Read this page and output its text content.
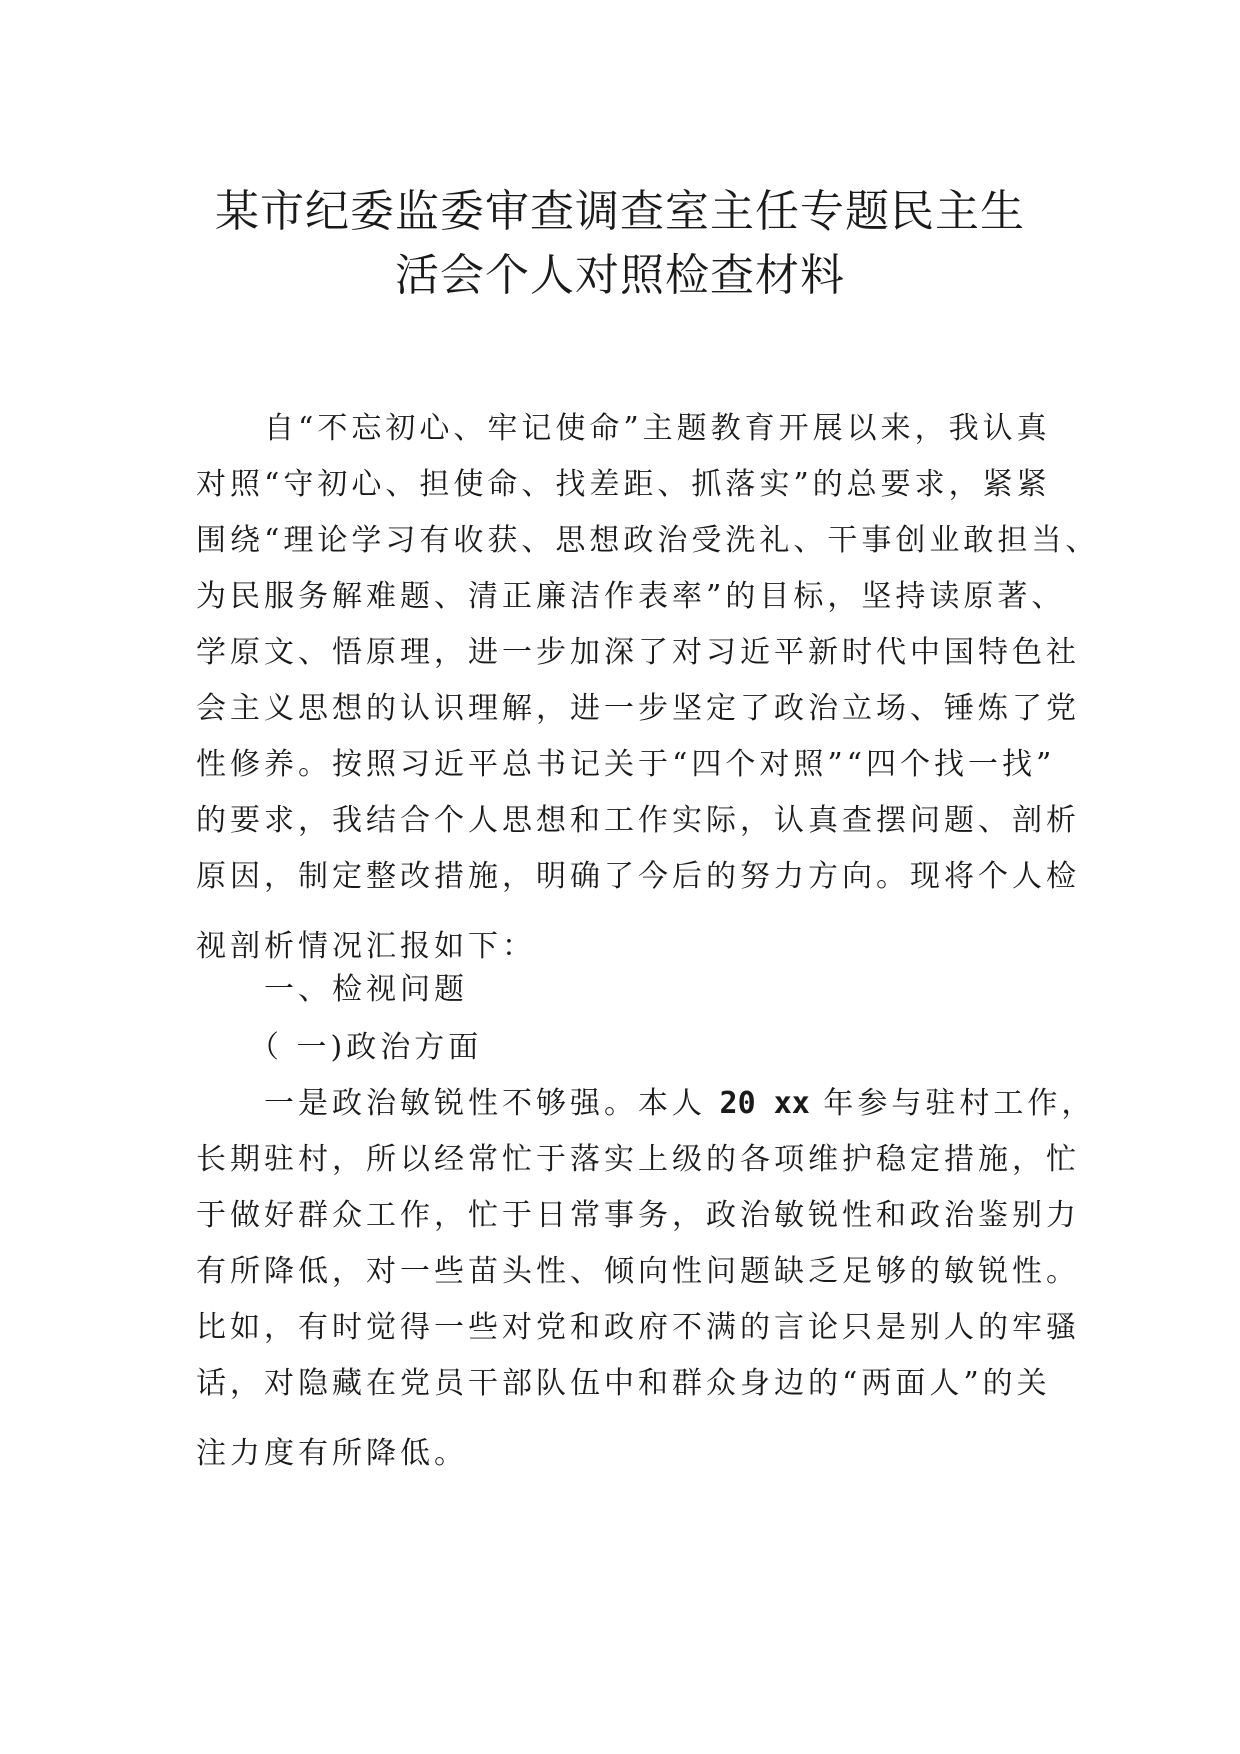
某市纪委监委审查调查室主任专题民主生
活会个人对照检查材料
　　自“不忘初心、牢记使命”主题教育开展以来，我认真
对照“守初心、担使命、找差距、抓落实”的总要求，紧紧
围绕“理论学习有收获、思想政治受洗礼、干事创业敢担当、
为民服务解难题、清正廉洁作表率”的目标，坚持读原著、
学原文、悟原理，进一步加深了对习近平新时代中国特色社
会主义思想的认识理解，进一步坚定了政治立场、锤炼了党
性修养。按照习近平总书记关于“四个对照”“四个找一找”
的要求，我结合个人思想和工作实际，认真查摆问题、剖析
原因，制定整改措施，明确了今后的努力方向。现将个人检
视剖析情况汇报如下：
　　一、检视问题
　　（ 一)政治方面
　　一是政治敏锐性不够强。本人 20 xx 年参与驻村工作，
长期驻村，所以经常忙于落实上级的各项维护稳定措施，忙
于做好群众工作，忙于日常事务，政治敏锐性和政治鉴别力
有所降低，对一些苗头性、倾向性问题缺乏足够的敏锐性。
比如，有时觉得一些对党和政府不满的言论只是别人的牢骚
话，对隐藏在党员干部队伍中和群众身边的“两面人”的关
注力度有所降低。
